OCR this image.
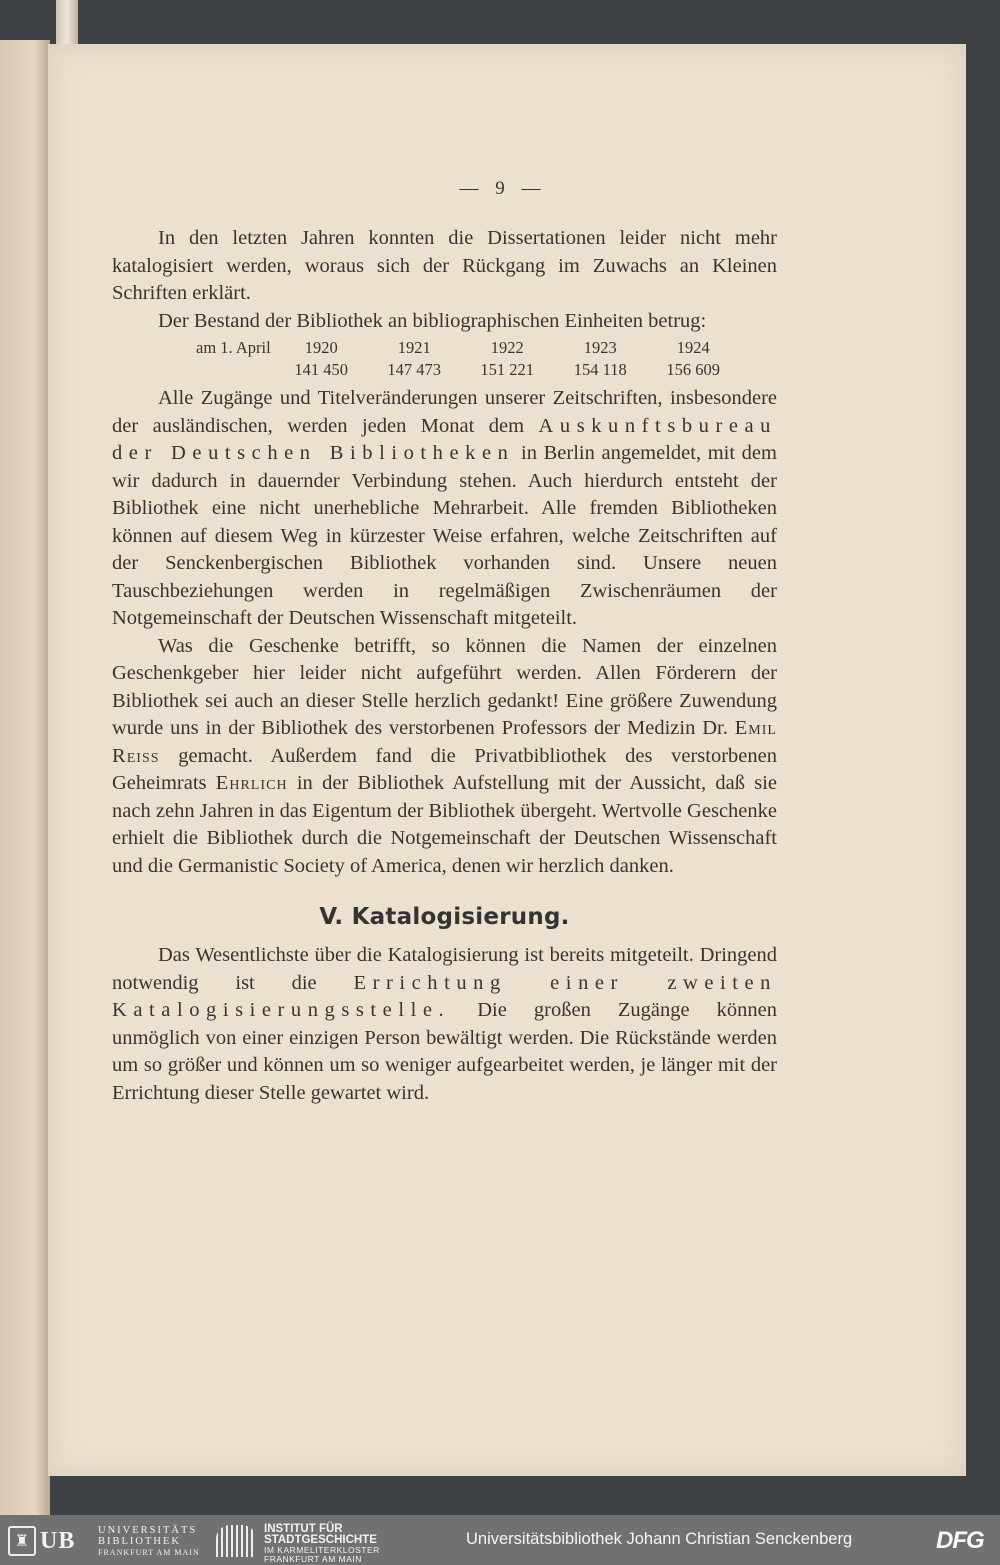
— 9 —

In den letzten Jahren konnten die Dissertationen leider nicht mehr katalogisiert werden, woraus sich der Rückgang im Zuwachs an Kleinen Schriften erklärt.

Der Bestand der Bibliothek an bibliographischen Einheiten betrug:

am 1. April	1920	1921	1922	1923	1924
	141 450	147 473	151 221	154 118	156 609

Alle Zugänge und Titelveränderungen unserer Zeitschriften, insbesondere der ausländischen, werden jeden Monat dem Auskunftsbureau der Deutschen Bibliotheken in Berlin angemeldet, mit dem wir dadurch in dauernder Verbindung stehen. Auch hierdurch entsteht der Bibliothek eine nicht unerhebliche Mehrarbeit. Alle fremden Bibliotheken können auf diesem Weg in kürzester Weise erfahren, welche Zeitschriften auf der Senckenbergischen Bibliothek vorhanden sind. Unsere neuen Tauschbeziehungen werden in regelmäßigen Zwischenräumen der Notgemeinschaft der Deutschen Wissenschaft mitgeteilt.

Was die Geschenke betrifft, so können die Namen der einzelnen Geschenkgeber hier leider nicht aufgeführt werden. Allen Förderern der Bibliothek sei auch an dieser Stelle herzlich gedankt! Eine größere Zuwendung wurde uns in der Bibliothek des verstorbenen Professors der Medizin Dr. Emil Reiss gemacht. Außerdem fand die Privatbibliothek des verstorbenen Geheimrats Ehrlich in der Bibliothek Aufstellung mit der Aussicht, daß sie nach zehn Jahren in das Eigentum der Bibliothek übergeht. Wertvolle Geschenke erhielt die Bibliothek durch die Notgemeinschaft der Deutschen Wissenschaft und die Germanistic Society of America, denen wir herzlich danken.

V. Katalogisierung.

Das Wesentlichste über die Katalogisierung ist bereits mitgeteilt. Dringend notwendig ist die Errichtung einer zweiten Katalogisierungsstelle. Die großen Zugänge können unmöglich von einer einzigen Person bewältigt werden. Die Rückstände werden um so größer und können um so weniger aufgearbeitet werden, je länger mit der Errichtung dieser Stelle gewartet wird.

♜ UB UNIVERSITÄTS
BIBLIOTHEK
FRANKFURT AM MAIN
INSTITUT FÜR
STADTGESCHICHTE
IM KARMELITERKLOSTER
FRANKFURT AM MAIN
Universitätsbibliothek Johann Christian Senckenberg	DFG
